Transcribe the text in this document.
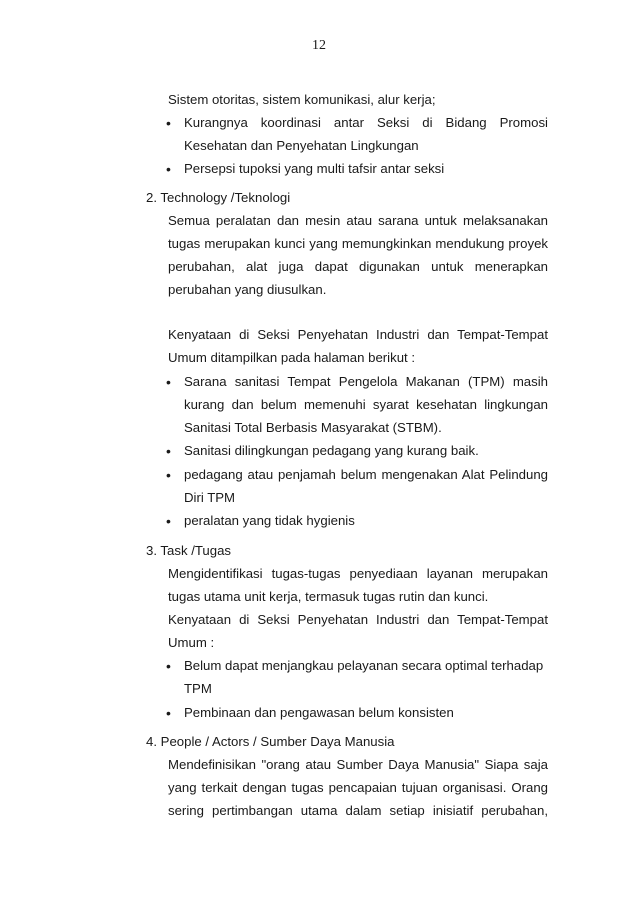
12
Sistem otoritas, sistem komunikasi, alur kerja;
• Kurangnya koordinasi antar Seksi di Bidang Promosi
Kesehatan dan Penyehatan Lingkungan
• Persepsi tupoksi yang multi tafsir antar seksi
2. Technology /Teknologi
Semua peralatan dan mesin atau sarana untuk melaksanakan
tugas merupakan kunci yang memungkinkan mendukung proyek
perubahan, alat juga dapat digunakan untuk menerapkan
perubahan yang diusulkan.
Kenyataan di Seksi Penyehatan Industri dan Tempat-Tempat
Umum ditampilkan pada halaman berikut :
• Sarana sanitasi Tempat Pengelola Makanan (TPM) masih
kurang dan belum memenuhi syarat kesehatan lingkungan
Sanitasi Total Berbasis Masyarakat (STBM).
• Sanitasi dilingkungan pedagang yang kurang baik.
• pedagang atau penjamah belum mengenakan Alat Pelindung
Diri TPM
• peralatan yang tidak hygienis
3. Task /Tugas
Mengidentifikasi tugas-tugas penyediaan layanan merupakan
tugas utama unit kerja, termasuk tugas rutin dan kunci.
Kenyataan di Seksi Penyehatan Industri dan Tempat-Tempat
Umum :
• Belum dapat menjangkau pelayanan secara optimal terhadap
TPM
• Pembinaan dan pengawasan belum konsisten
4. People / Actors / Sumber Daya Manusia
Mendefinisikan "orang atau Sumber Daya Manusia" Siapa saja
yang terkait dengan tugas pencapaian tujuan organisasi. Orang
sering pertimbangan utama dalam setiap inisiatif perubahan,
